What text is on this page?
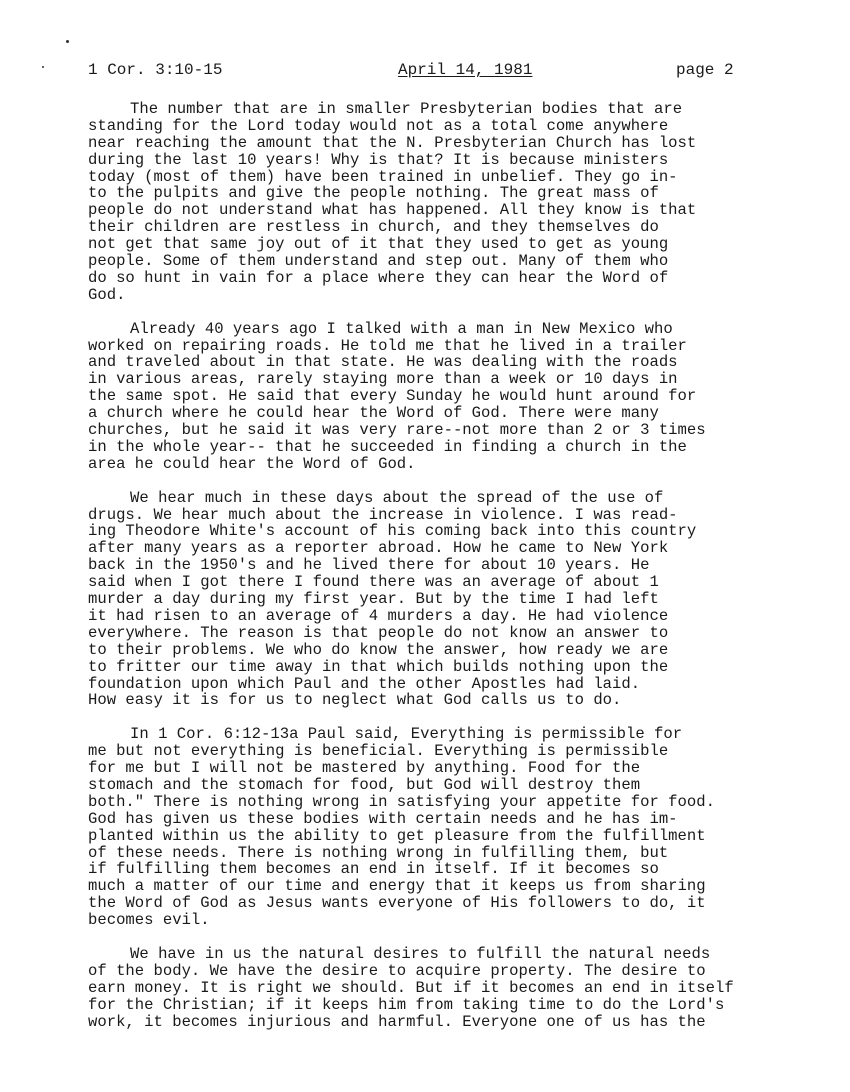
1 Cor. 3:10-15	April 14, 1981	page 2
The number that are in smaller Presbyterian bodies that are
standing for the Lord today would not as a total come anywhere
near reaching the amount that the N. Presbyterian Church has lost
during the last 10 years! Why is that? It is because ministers
today (most of them) have been trained in unbelief. They go in-
to the pulpits and give the people nothing. The great mass of
people do not understand what has happened. All they know is that
their children are restless in church, and they themselves do
not get that same joy out of it that they used to get as young
people. Some of them understand and step out. Many of them who
do so hunt in vain for a place where they can hear the Word of
God.
Already 40 years ago I talked with a man in New Mexico who
worked on repairing roads. He told me that he lived in a trailer
and traveled about in that state. He was dealing with the roads
in various areas, rarely staying more than a week or 10 days in
the same spot. He said that every Sunday he would hunt around for
a church where he could hear the Word of God. There were many
churches, but he said it was very rare--not more than 2 or 3 times
in the whole year-- that he succeeded in finding a church in the
area he could hear the Word of God.
We hear much in these days about the spread of the use of
drugs. We hear much about the increase in violence. I was read-
ing Theodore White's account of his coming back into this country
after many years as a reporter abroad. How he came to New York
back in the 1950's and he lived there for about 10 years. He
said when I got there I found there was an average of about 1
murder a day during my first year. But by the time I had left
it had risen to an average of 4 murders a day. He had violence
everywhere. The reason is that people do not know an answer to
to their problems. We who do know the answer, how ready we are
to fritter our time away in that which builds nothing upon the
foundation upon which Paul and the other Apostles had laid.
How easy it is for us to neglect what God calls us to do.
In 1 Cor. 6:12-13a Paul said, Everything is permissible for
me but not everything is beneficial. Everything is permissible
for me but I will not be mastered by anything. Food for the
stomach and the stomach for food, but God will destroy them
both." There is nothing wrong in satisfying your appetite for food.
God has given us these bodies with certain needs and he has im-
planted within us the ability to get pleasure from the fulfillment
of these needs. There is nothing wrong in fulfilling them, but
if fulfilling them becomes an end in itself. If it becomes so
much a matter of our time and energy that it keeps us from sharing
the Word of God as Jesus wants everyone of His followers to do, it
becomes evil.
We have in us the natural desires to fulfill the natural needs
of the body. We have the desire to acquire property. The desire to
earn money. It is right we should. But if it becomes an end in itself
for the Christian; if it keeps him from taking time to do the Lord's
work, it becomes injurious and harmful. Everyone one of us has the
